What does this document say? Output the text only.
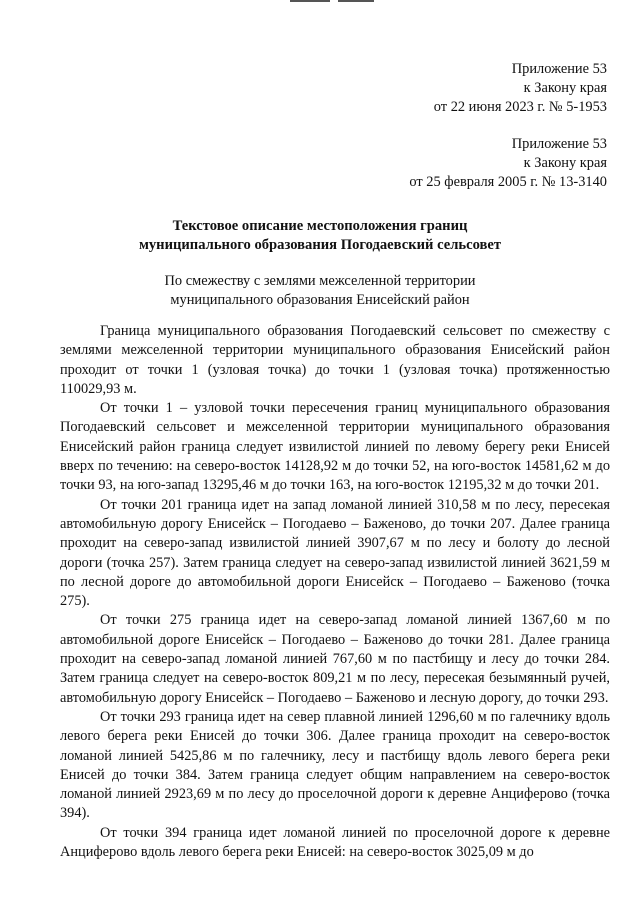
Приложение 53
к Закону края
от 22 июня 2023 г. № 5-1953
Приложение 53
к Закону края
от 25 февраля 2005 г. № 13-3140
Текстовое описание местоположения границ
муниципального образования Погодаевский сельсовет
По смежеству с землями межселенной территории
муниципального образования Енисейский район

Граница муниципального образования Погодаевский сельсовет по смежеству с землями межселенной территории муниципального образования Енисейский район проходит от точки 1 (узловая точка) до точки 1 (узловая точка) протяженностью 110029,93 м.

От точки 1 – узловой точки пересечения границ муниципального образования Погодаевский сельсовет и межселенной территории муниципального образования Енисейский район граница следует извилистой линией по левому берегу реки Енисей вверх по течению: на северо-восток 14128,92 м до точки 52, на юго-восток 14581,62 м до точки 93, на юго-запад 13295,46 м до точки 163, на юго-восток 12195,32 м до точки 201.

От точки 201 граница идет на запад ломаной линией 310,58 м по лесу, пересекая автомобильную дорогу Енисейск – Погодаево – Баженово, до точки 207. Далее граница проходит на северо-запад извилистой линией 3907,67 м по лесу и болоту до лесной дороги (точка 257). Затем граница следует на северо-запад извилистой линией 3621,59 м по лесной дороге до автомобильной дороги Енисейск – Погодаево – Баженово (точка 275).

От точки 275 граница идет на северо-запад ломаной линией 1367,60 м по автомобильной дороге Енисейск – Погодаево – Баженово до точки 281. Далее граница проходит на северо-запад ломаной линией 767,60 м по пастбищу и лесу до точки 284. Затем граница следует на северо-восток 809,21 м по лесу, пересекая безымянный ручей, автомобильную дорогу Енисейск – Погодаево – Баженово и лесную дорогу, до точки 293.

От точки 293 граница идет на север плавной линией 1296,60 м по галечнику вдоль левого берега реки Енисей до точки 306. Далее граница проходит на северо-восток ломаной линией 5425,86 м по галечнику, лесу и пастбищу вдоль левого берега реки Енисей до точки 384. Затем граница следует общим направлением на северо-восток ломаной линией 2923,69 м по лесу до проселочной дороги к деревне Анциферово (точка 394).

От точки 394 граница идет ломаной линией по проселочной дороге к деревне Анциферово вдоль левого берега реки Енисей: на северо-восток 3025,09 м до
